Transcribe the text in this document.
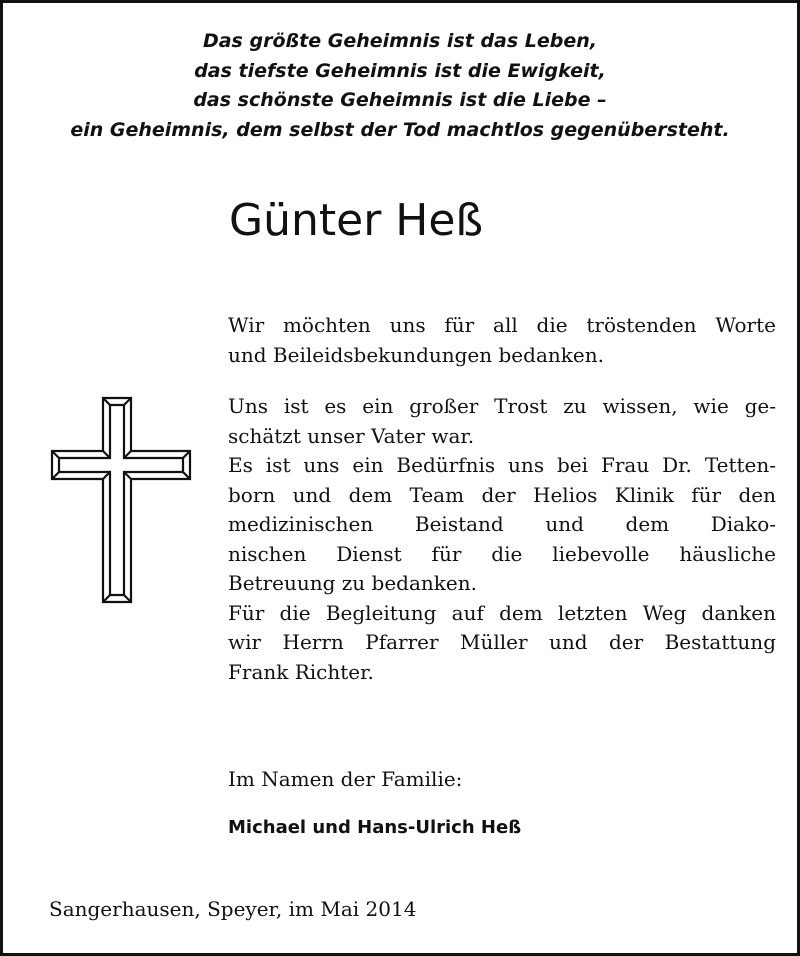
Das größte Geheimnis ist das Leben,
das tiefste Geheimnis ist die Ewigkeit,
das schönste Geheimnis ist die Liebe –
ein Geheimnis, dem selbst der Tod machtlos gegenübersteht.
Günter Heß
Wir möchten uns für all die tröstenden Worte
und Beileidsbekundungen bedanken.
Uns ist es ein großer Trost zu wissen, wie ge-
schätzt unser Vater war.
Es ist uns ein Bedürfnis uns bei Frau Dr. Tetten-
born und dem Team der Helios Klinik für den
medizinischen Beistand und dem Diako-
nischen Dienst für die liebevolle häusliche
Betreuung zu bedanken.
Für die Begleitung auf dem letzten Weg danken
wir Herrn Pfarrer Müller und der Bestattung
Frank Richter.
Im Namen der Familie:
Michael und Hans-Ulrich Heß
Sangerhausen, Speyer, im Mai 2014
